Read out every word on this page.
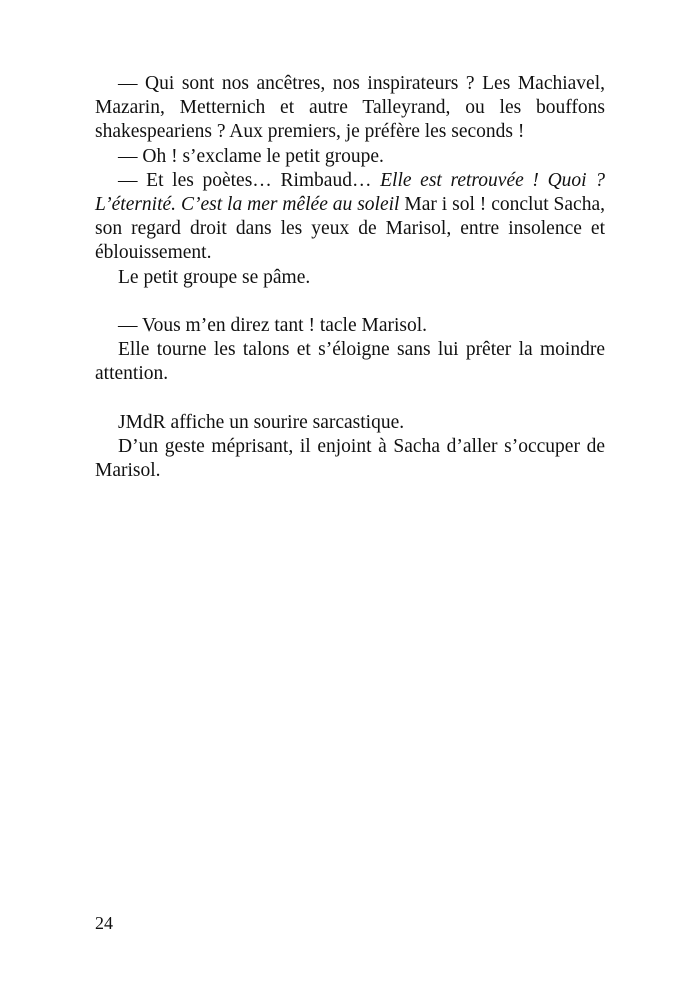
— Qui sont nos ancêtres, nos inspirateurs ? Les Machiavel, Mazarin, Metternich et autre Talleyrand, ou les bouffons shakespeariens ? Aux premiers, je préfère les seconds !

— Oh ! s’exclame le petit groupe.

— Et les poètes… Rimbaud… Elle est retrouvée ! Quoi ? L’éternité. C’est la mer mêlée au soleil Mar i sol ! conclut Sacha, son regard droit dans les yeux de Marisol, entre insolence et éblouissement.

Le petit groupe se pâme.

— Vous m’en direz tant ! tacle Marisol.

Elle tourne les talons et s’éloigne sans lui prêter la moindre attention.

JMdR affiche un sourire sarcastique.

D’un geste méprisant, il enjoint à Sacha d’aller s’occuper de Marisol.

24
